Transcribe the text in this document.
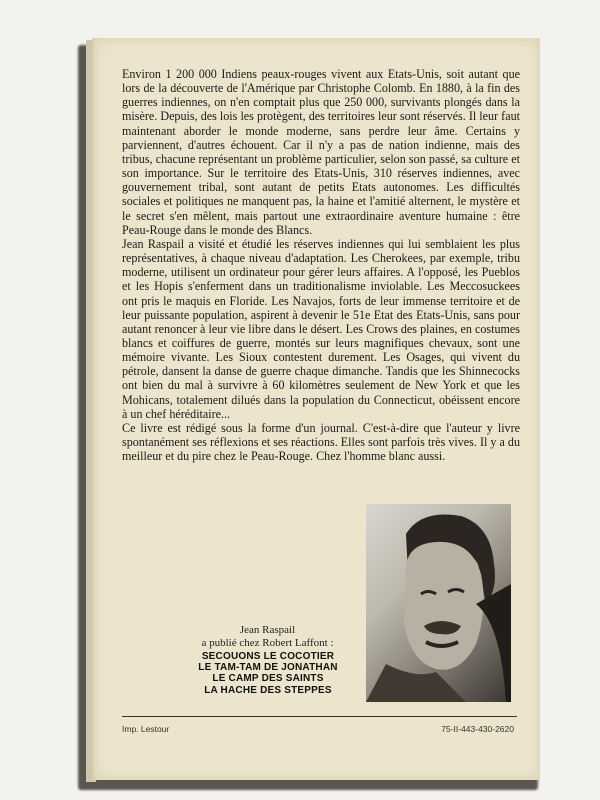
Environ 1 200 000 Indiens peaux-rouges vivent aux Etats-Unis, soit autant que lors de la découverte de l'Amérique par Christophe Colomb. En 1880, à la fin des guerres indiennes, on n'en comptait plus que 250 000, survivants plongés dans la misère. Depuis, des lois les protègent, des territoires leur sont réservés. Il leur faut maintenant aborder le monde moderne, sans perdre leur âme. Certains y parviennent, d'autres échouent. Car il n'y a pas de nation indienne, mais des tribus, chacune représentant un problème particulier, selon son passé, sa culture et son importance. Sur le territoire des Etats-Unis, 310 réserves indiennes, avec gouvernement tribal, sont autant de petits Etats autonomes. Les difficultés sociales et politiques ne manquent pas, la haine et l'amitié alternent, le mystère et le secret s'en mêlent, mais partout une extraordinaire aventure humaine : être Peau-Rouge dans le monde des Blancs.

Jean Raspail a visité et étudié les réserves indiennes qui lui semblaient les plus représentatives, à chaque niveau d'adaptation. Les Cherokees, par exemple, tribu moderne, utilisent un ordinateur pour gérer leurs affaires. A l'opposé, les Pueblos et les Hopis s'enferment dans un traditionalisme inviolable. Les Meccosuckees ont pris le maquis en Floride. Les Navajos, forts de leur immense territoire et de leur puissante population, aspirent à devenir le 51e Etat des Etats-Unis, sans pour autant renoncer à leur vie libre dans le désert. Les Crows des plaines, en costumes blancs et coiffures de guerre, montés sur leurs magnifiques chevaux, sont une mémoire vivante. Les Sioux contestent durement. Les Osages, qui vivent du pétrole, dansent la danse de guerre chaque dimanche. Tandis que les Shinnecocks ont bien du mal à survivre à 60 kilomètres seulement de New York et que les Mohicans, totalement dilués dans la population du Connecticut, obéissent encore à un chef héréditaire...

Ce livre est rédigé sous la forme d'un journal. C'est-à-dire que l'auteur y livre spontanément ses réflexions et ses réactions. Elles sont parfois très vives. Il y a du meilleur et du pire chez le Peau-Rouge. Chez l'homme blanc aussi.

Jean Raspail
a publié chez Robert Laffont :
SECOUONS LE COCOTIER
LE TAM-TAM DE JONATHAN
LE CAMP DES SAINTS
LA HACHE DES STEPPES
Imp. Lestour	75-II-443-430-2620
